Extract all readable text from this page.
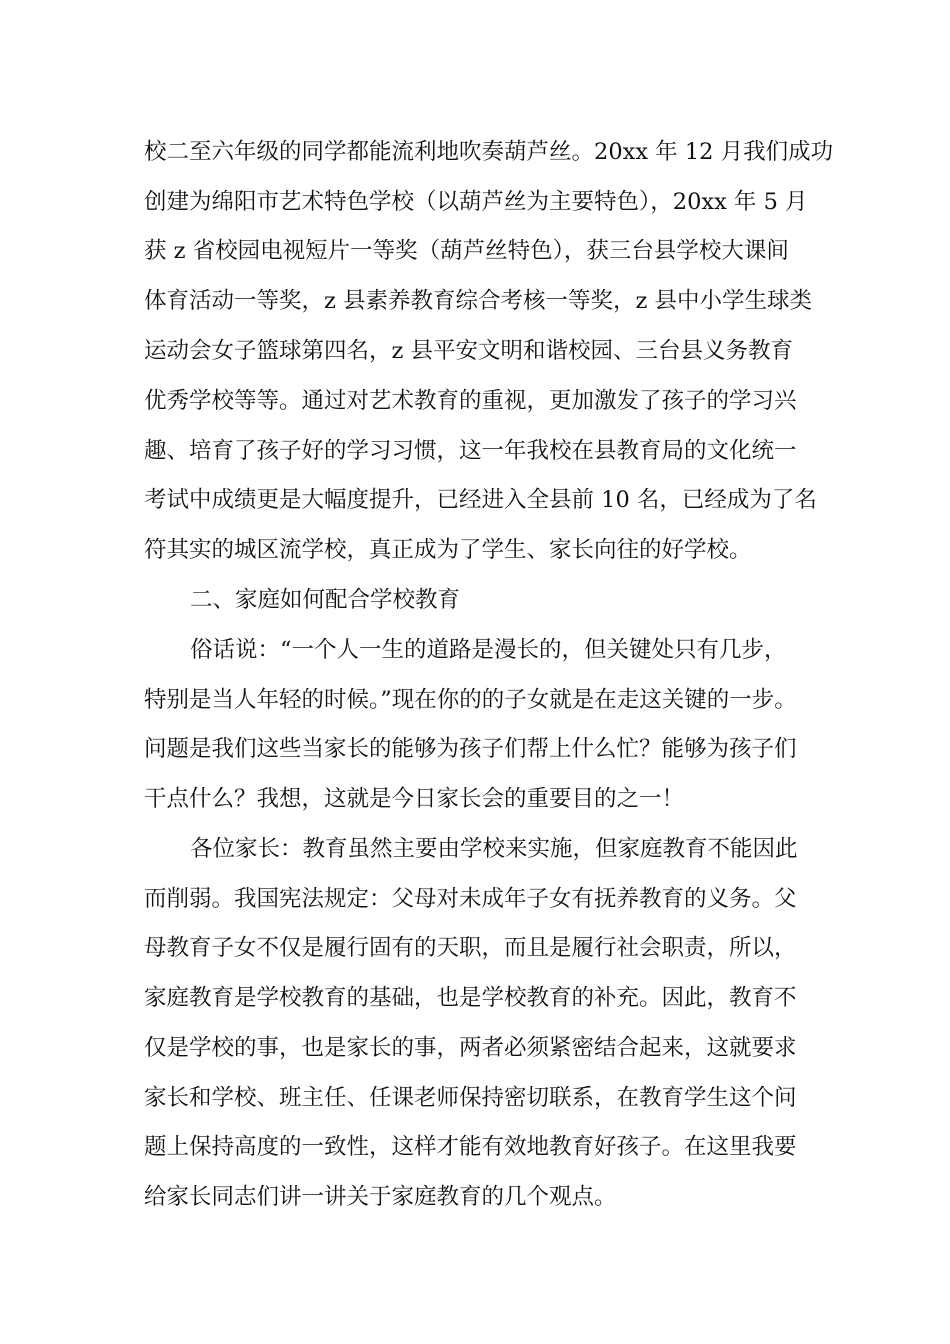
校二至六年级的同学都能流利地吹奏葫芦丝。20xx 年 12 月我们成功
创建为绵阳市艺术特色学校（以葫芦丝为主要特色），20xx 年 5 月
获 z 省校园电视短片一等奖（葫芦丝特色），获三台县学校大课间
体育活动一等奖，z 县素养教育综合考核一等奖，z 县中小学生球类
运动会女子篮球第四名，z 县平安文明和谐校园、三台县义务教育
优秀学校等等。通过对艺术教育的重视，更加激发了孩子的学习兴
趣、培育了孩子好的学习习惯，这一年我校在县教育局的文化统一
考试中成绩更是大幅度提升，已经进入全县前 10 名，已经成为了名
符其实的城区流学校，真正成为了学生、家长向往的好学校。
二、家庭如何配合学校教育
俗话说：“一个人一生的道路是漫长的，但关键处只有几步，
特别是当人年轻的时候。”现在你的的子女就是在走这关键的一步。
问题是我们这些当家长的能够为孩子们帮上什么忙？能够为孩子们
干点什么？我想，这就是今日家长会的重要目的之一！
各位家长：教育虽然主要由学校来实施，但家庭教育不能因此
而削弱。我国宪法规定：父母对未成年子女有抚养教育的义务。父
母教育子女不仅是履行固有的天职，而且是履行社会职责，所以，
家庭教育是学校教育的基础，也是学校教育的补充。因此，教育不
仅是学校的事，也是家长的事，两者必须紧密结合起来，这就要求
家长和学校、班主任、任课老师保持密切联系，在教育学生这个问
题上保持高度的一致性，这样才能有效地教育好孩子。在这里我要
给家长同志们讲一讲关于家庭教育的几个观点。
